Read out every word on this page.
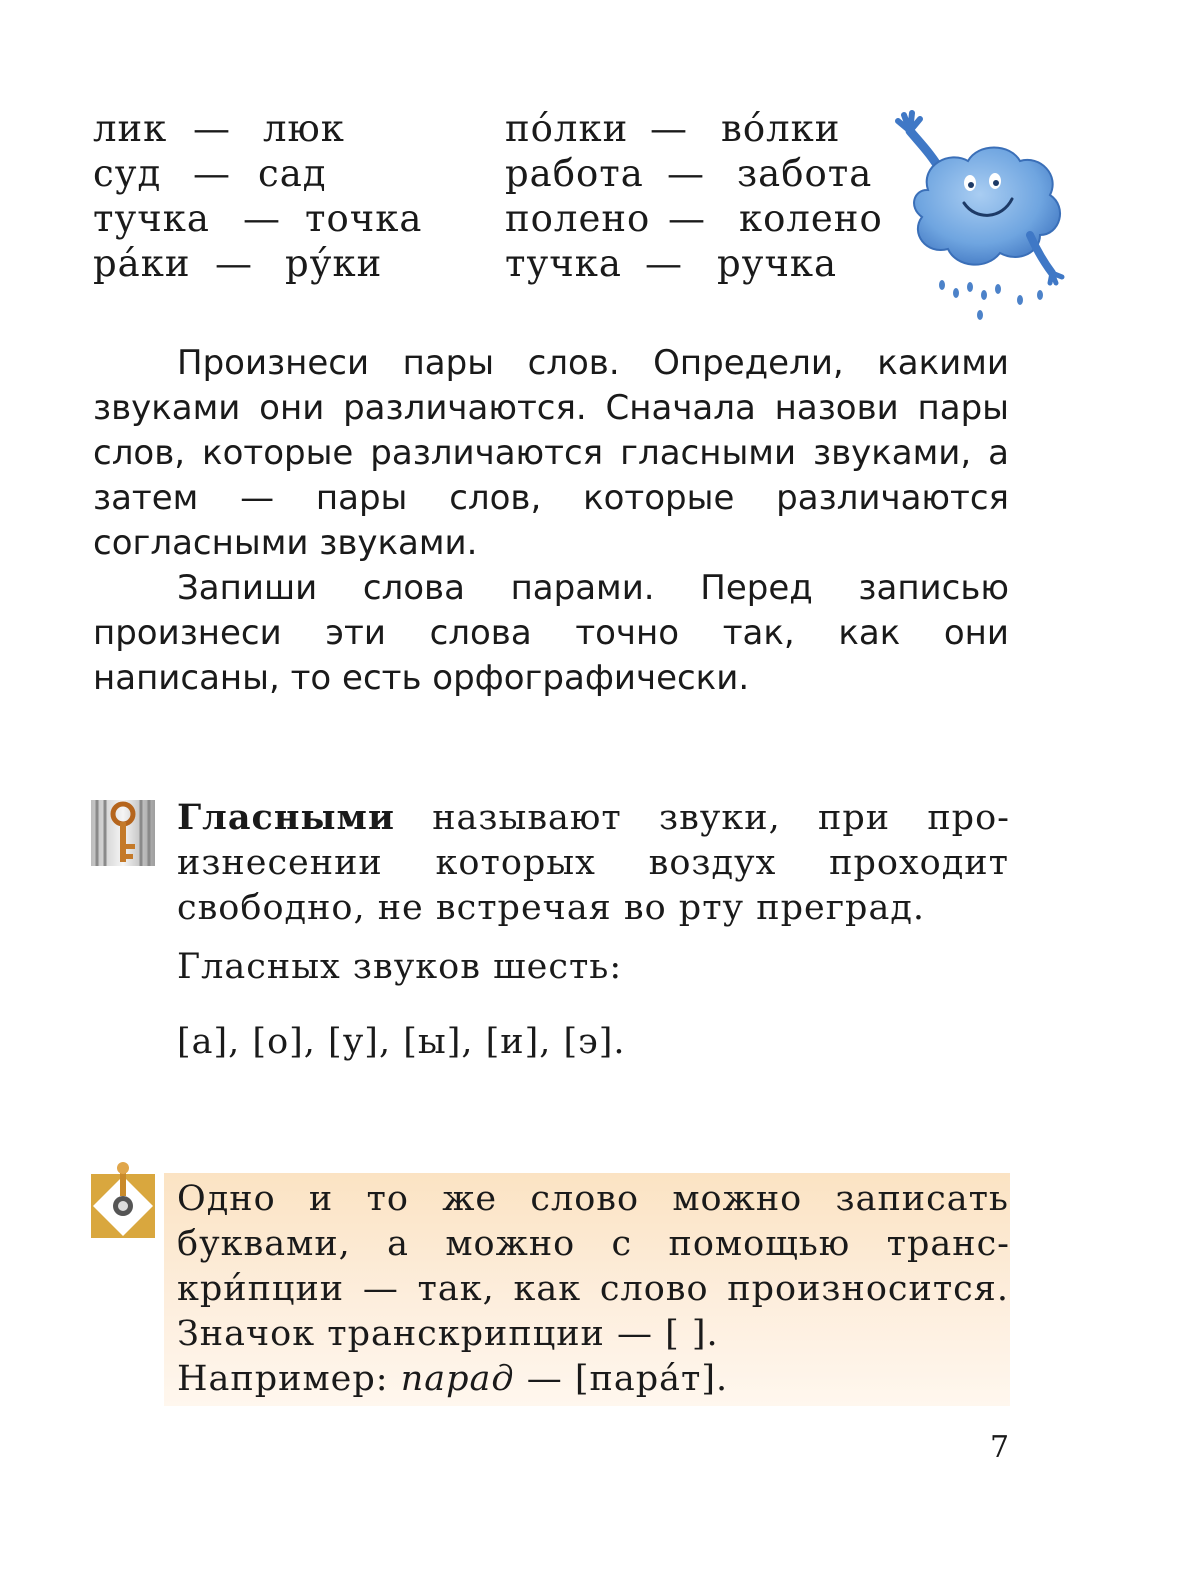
лик — люк
суд — сад
тучка — точка
ра́ки — ру́ки
по́лки — во́лки
работа — забота
полено — колено
тучка — ручка

Произнеси пары слов. Определи, какими звуками они различаются. Сначала назови пары слов, которые различаются гласными звуками, а затем — пары слов, которые различаются согласными звуками.

Запиши слова парами. Перед записью произнеси эти слова точно так, как они написаны, то есть орфографически.

Гласными называют звуки, при произнесении которых воздух проходит свободно, не встречая во рту преград.

Гласных звуков шесть:

[а], [о], [у], [ы], [и], [э].

Одно и то же слово можно записать буквами, а можно с помощью транскри́пции — так, как слово произносится. Значок транскрипции — [ ].

Например: парад — [пара́т].

7
